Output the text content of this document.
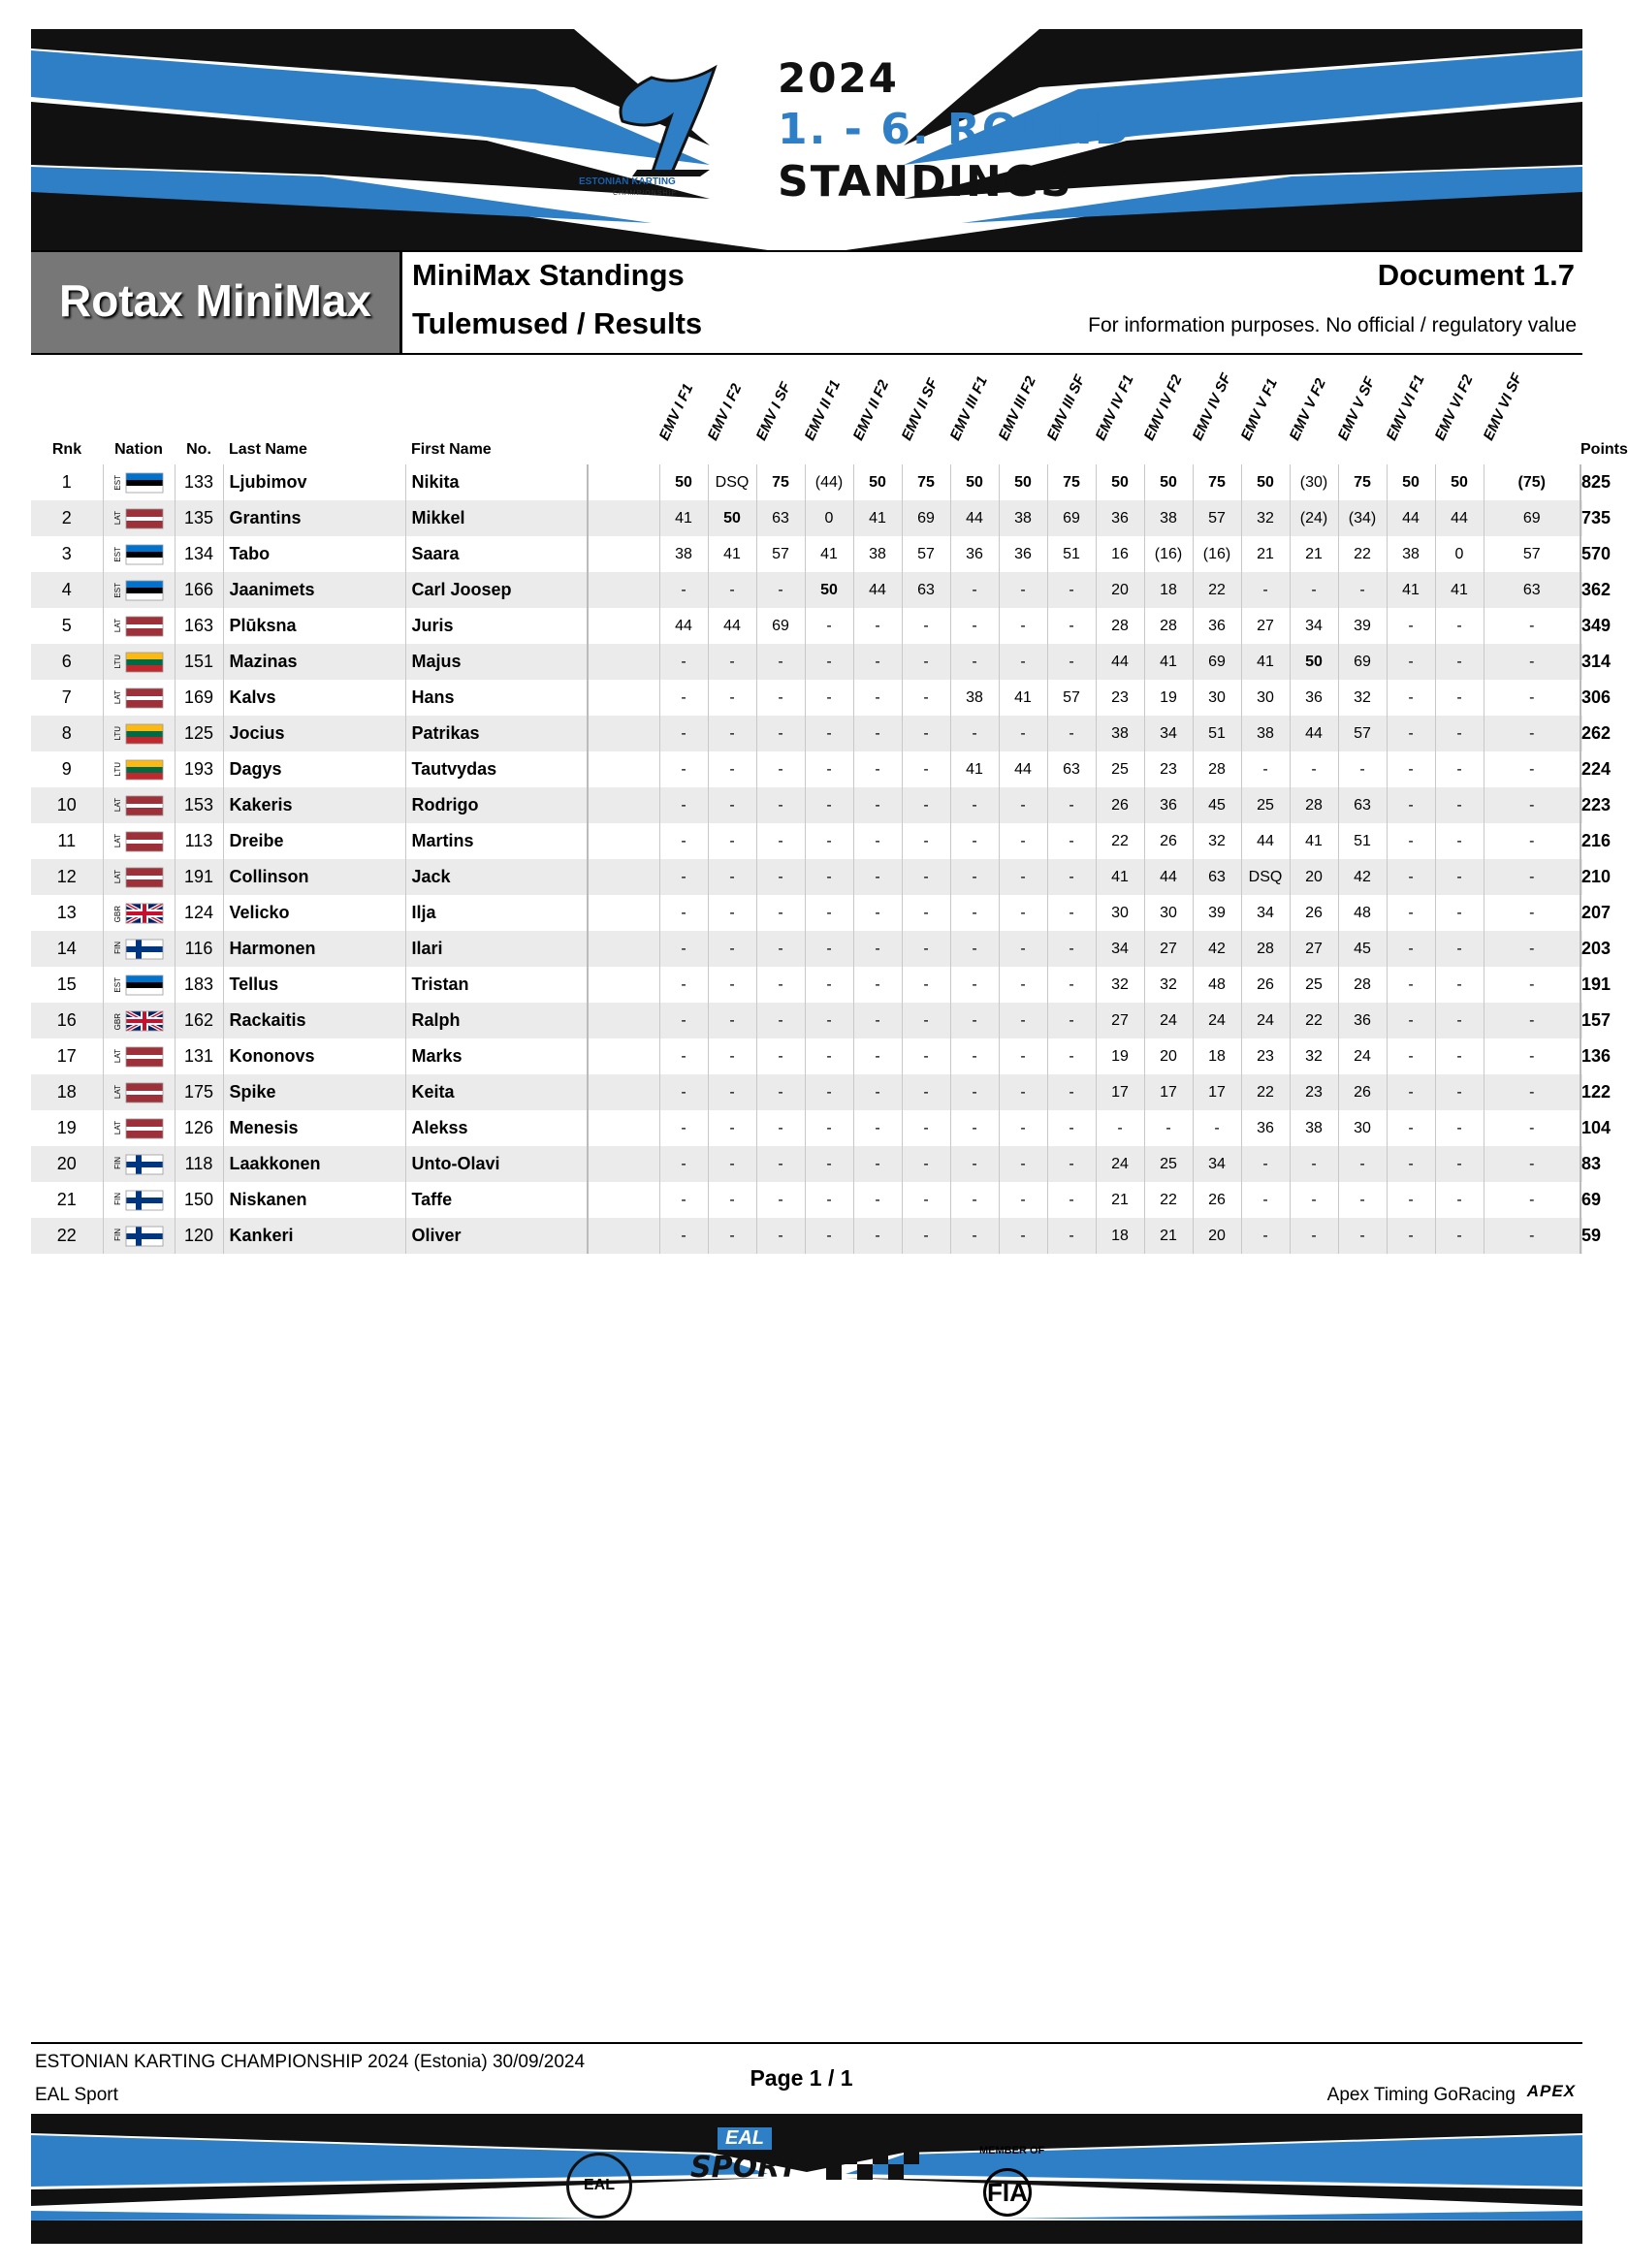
2024
1. - 6. ROUND
STANDINGS
ESTONIAN KARTING
CHAMPIONSHIP
Rotax MiniMax
MiniMax Standings
Tulemused / Results
Document 1.7
For information purposes. No official / regulatory value
Rnk	Nation	No.	Last Name	First Name		EMV I F1	EMV I F2	EMV I SF	EMV II F1	EMV II F2	EMV II SF	EMV III F1	EMV III F2	EMV III SF	EMV IV F1	EMV IV F2	EMV IV SF	EMV V F1	EMV V F2	EMV V SF	EMV VI F1	EMV VI F2	EMV VI SF	Points
1	EST	133	Ljubimov	Nikita		50	DSQ	75	(44)	50	75	50	50	75	50	50	75	50	(30)	75	50	50	(75)	825
2	LAT	135	Grantins	Mikkel		41	50	63	0	41	69	44	38	69	36	38	57	32	(24)	(34)	44	44	69	735
3	EST	134	Tabo	Saara		38	41	57	41	38	57	36	36	51	16	(16)	(16)	21	21	22	38	0	57	570
4	EST	166	Jaanimets	Carl Joosep		-	-	-	50	44	63	-	-	-	20	18	22	-	-	-	41	41	63	362
5	LAT	163	Plūksna	Juris		44	44	69	-	-	-	-	-	-	28	28	36	27	34	39	-	-	-	349
6	LTU	151	Mazinas	Majus		-	-	-	-	-	-	-	-	-	44	41	69	41	50	69	-	-	-	314
7	LAT	169	Kalvs	Hans		-	-	-	-	-	-	38	41	57	23	19	30	30	36	32	-	-	-	306
8	LTU	125	Jocius	Patrikas		-	-	-	-	-	-	-	-	-	38	34	51	38	44	57	-	-	-	262
9	LTU	193	Dagys	Tautvydas		-	-	-	-	-	-	41	44	63	25	23	28	-	-	-	-	-	-	224
10	LAT	153	Kakeris	Rodrigo		-	-	-	-	-	-	-	-	-	26	36	45	25	28	63	-	-	-	223
11	LAT	113	Dreibe	Martins		-	-	-	-	-	-	-	-	-	22	26	32	44	41	51	-	-	-	216
12	LAT	191	Collinson	Jack		-	-	-	-	-	-	-	-	-	41	44	63	DSQ	20	42	-	-	-	210
13	GBR	124	Velicko	Ilja		-	-	-	-	-	-	-	-	-	30	30	39	34	26	48	-	-	-	207
14	FIN	116	Harmonen	Ilari		-	-	-	-	-	-	-	-	-	34	27	42	28	27	45	-	-	-	203
15	EST	183	Tellus	Tristan		-	-	-	-	-	-	-	-	-	32	32	48	26	25	28	-	-	-	191
16	GBR	162	Rackaitis	Ralph		-	-	-	-	-	-	-	-	-	27	24	24	24	22	36	-	-	-	157
17	LAT	131	Kononovs	Marks		-	-	-	-	-	-	-	-	-	19	20	18	23	32	24	-	-	-	136
18	LAT	175	Spike	Keita		-	-	-	-	-	-	-	-	-	17	17	17	22	23	26	-	-	-	122
19	LAT	126	Menesis	Alekss		-	-	-	-	-	-	-	-	-	-	-	-	36	38	30	-	-	-	104
20	FIN	118	Laakkonen	Unto-Olavi		-	-	-	-	-	-	-	-	-	24	25	34	-	-	-	-	-	-	83
21	FIN	150	Niskanen	Taffe		-	-	-	-	-	-	-	-	-	21	22	26	-	-	-	-	-	-	69
22	FIN	120	Kankeri	Oliver		-	-	-	-	-	-	-	-	-	18	21	20	-	-	-	-	-	-	59
ESTONIAN KARTING CHAMPIONSHIP 2024 (Estonia) 30/09/2024
EAL Sport
Page 1 / 1
Apex Timing GoRacing APEX
EAL
EAL
SPORT	MEMBER OF
FIA
